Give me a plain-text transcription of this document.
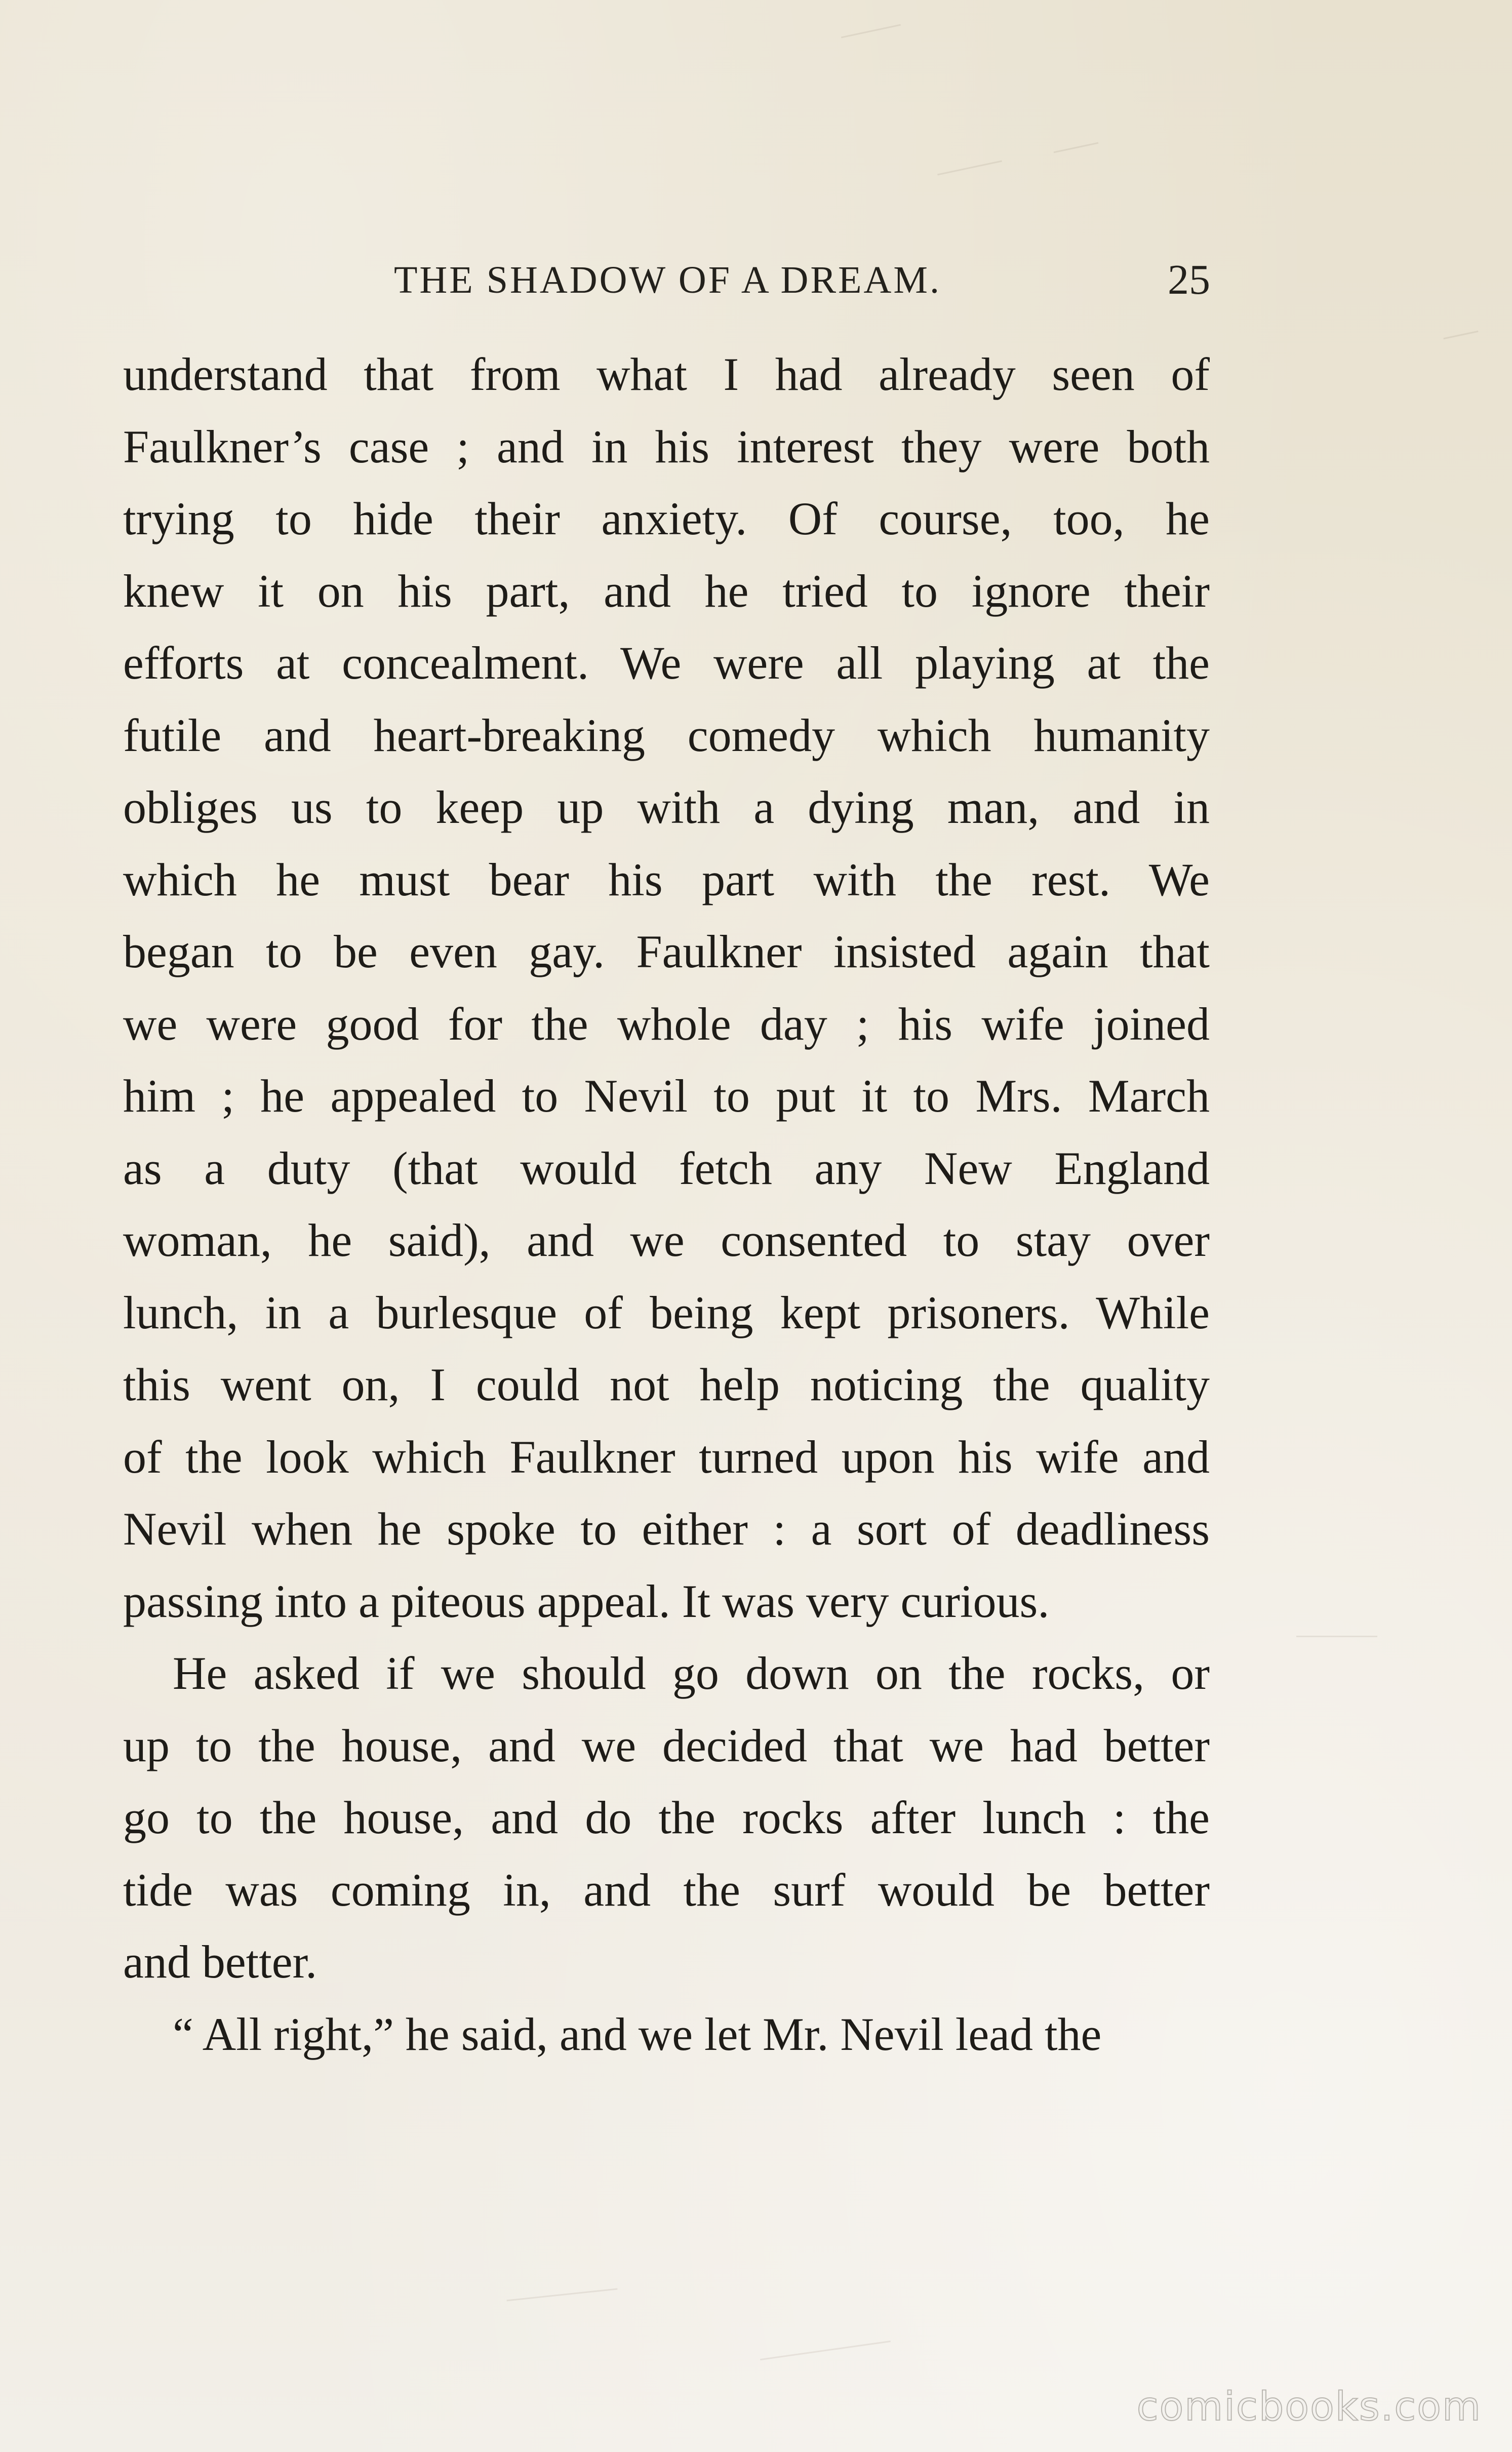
THE SHADOW OF A DREAM.	25
understand that from what I had already seen of
Faulkner’s case ; and in his interest they were both
trying to hide their anxiety. Of course, too, he
knew it on his part, and he tried to ignore their
efforts at concealment. We were all playing at the
futile and heart-breaking comedy which humanity
obliges us to keep up with a dying man, and in
which he must bear his part with the rest. We
began to be even gay. Faulkner insisted again that
we were good for the whole day ; his wife joined
him ; he appealed to Nevil to put it to Mrs. March
as a duty (that would fetch any New England
woman, he said), and we consented to stay over
lunch, in a burlesque of being kept prisoners. While
this went on, I could not help noticing the quality
of the look which Faulkner turned upon his wife and
Nevil when he spoke to either : a sort of deadliness
passing into a piteous appeal. It was very curious.
He asked if we should go down on the rocks, or
up to the house, and we decided that we had better
go to the house, and do the rocks after lunch : the
tide was coming in, and the surf would be better
and better.
“ All right,” he said, and we let Mr. Nevil lead the
comicbooks.com
